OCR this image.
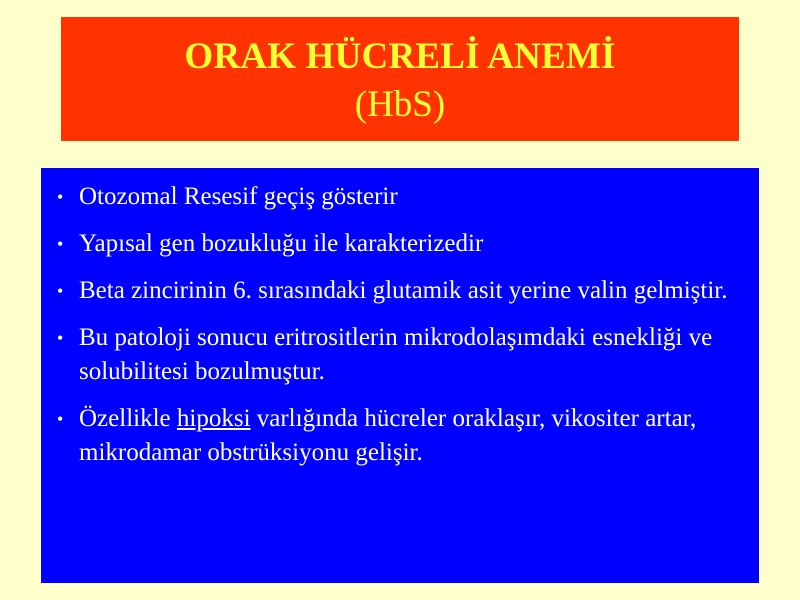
ORAK HÜCRELİ ANEMİ
(HbS)
• Otozomal Resesif geçiş gösterir
• Yapısal gen bozukluğu ile karakterizedir
• Beta zincirinin 6. sırasındaki glutamik asit yerine valin gelmiştir.
• Bu patoloji sonucu eritrositlerin mikrodolaşımdaki esnekliği ve solubilitesi bozulmuştur.
• Özellikle hipoksi varlığında hücreler oraklaşır, vikositer artar, mikrodamar obstrüksiyonu gelişir.
